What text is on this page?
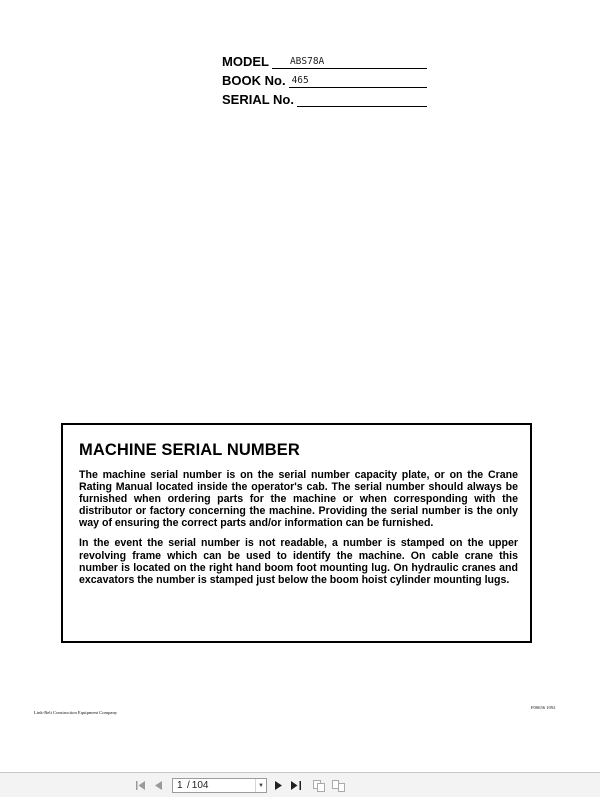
MODEL ABS78A
BOOK No. 465
SERIAL No.
MACHINE SERIAL NUMBER

The machine serial number is on the serial number capacity plate, or on the Crane Rating Manual located inside the operator's cab. The serial number should always be furnished when ordering parts for the machine or when corresponding with the distributor or factory concerning the machine. Providing the serial number is the only way of ensuring the correct parts and/or information can be furnished.

In the event the serial number is not readable, a number is stamped on the upper revolving frame which can be used to identify the machine. On cable crane this number is located on the right hand boom foot mounting lug. On hydraulic cranes and excavators the number is stamped just below the boom hoist cylinder mounting lugs.

Link-Belt Construction Equipment Company
F00656 1092
1
/ 104	▼
